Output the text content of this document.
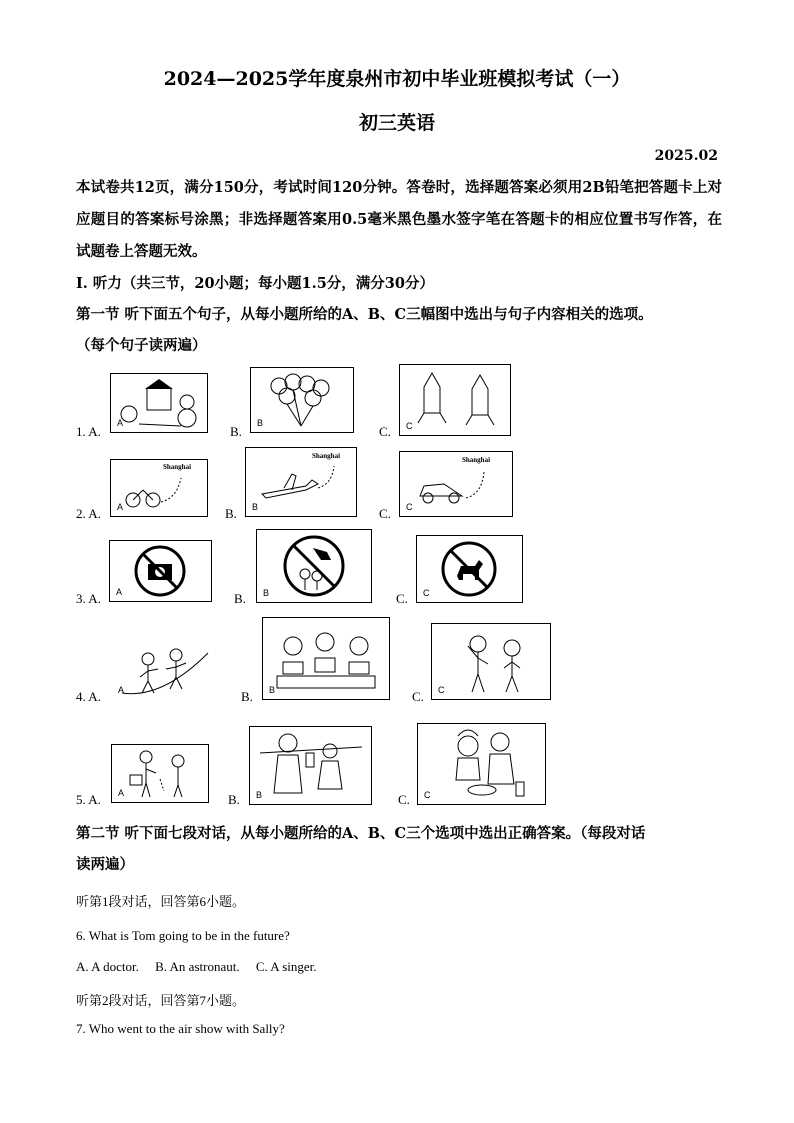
2024—2025学年度泉州市初中毕业班模拟考试（一）
初三英语
2025.02
本试卷共12页，满分150分，考试时间120分钟。答卷时，选择题答案必须用2B铅笔把答题卡上对应题目的答案标号涂黑；非选择题答案用0.5毫米黑色墨水签字笔在答题卡的相应位置书写作答，在试题卷上答题无效。
Ⅰ. 听力（共三节，20小题；每小题1.5分，满分30分）
第一节 听下面五个句子，从每小题所给的A、B、C三幅图中选出与句子内容相关的选项。
（每个句子读两遍）
1. A.
A
B.
B
C. C
2. A.
Shanghai
A	B.
Shanghai
B	C.
Shanghai
C
3. A. A	B. B	C. C
4. A. A	B. B	C. C
5. A. A	B. B	C. C
第二节 听下面七段对话，从每小题所给的A、B、C三个选项中选出正确答案。（每段对话
读两遍）
听第1段对话，回答第6小题。
6. What is Tom going to be in the future?
A. A doctor.     B. An astronaut.     C. A singer.
听第2段对话，回答第7小题。
7. Who went to the air show with Sally?
